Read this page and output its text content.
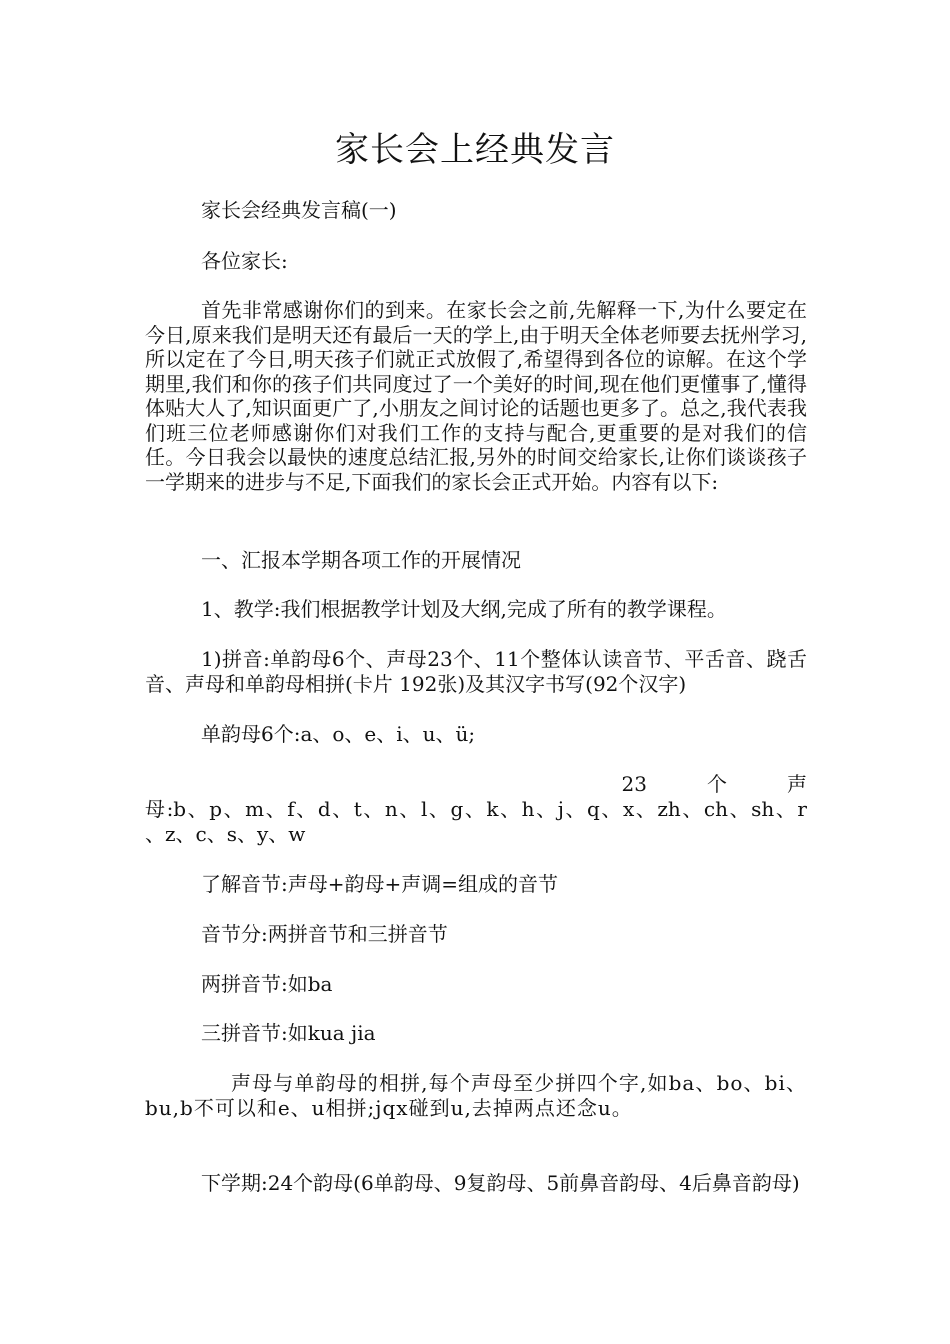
家长会上经典发言
家长会经典发言稿(一)
各位家长:
首先非常感谢你们的到来。在家长会之前,先解释一下,为什么要定在今日,原来我们是明天还有最后一天的学上,由于明天全体老师要去抚州学习,所以定在了今日,明天孩子们就正式放假了,希望得到各位的谅解。在这个学期里,我们和你的孩子们共同度过了一个美好的时间,现在他们更懂事了,懂得体贴大人了,知识面更广了,小朋友之间讨论的话题也更多了。总之,我代表我们班三位老师感谢你们对我们工作的支持与配合,更重要的是对我们的信任。今日我会以最快的速度总结汇报,另外的时间交给家长,让你们谈谈孩子一学期来的进步与不足,下面我们的家长会正式开始。内容有以下:
一、汇报本学期各项工作的开展情况
1、教学:我们根据教学计划及大纲,完成了所有的教学课程。
1)拼音:单韵母6个、声母23个、11个整体认读音节、平舌音、跷舌音、声母和单韵母相拼(卡片 192张)及其汉字书写(92个汉字)
单韵母6个:a、o、e、i、u、ü;
23　　　个　　　声
母:b、p、m、f、d、t、n、l、g、k、h、j、q、x、zh、ch、sh、r
、z、c、s、y、w
了解音节:声母+韵母+声调=组成的音节
音节分:两拼音节和三拼音节
两拼音节:如ba
三拼音节:如kua jia
声母与单韵母的相拼,每个声母至少拼四个字,如ba、bo、bi、bu,b不可以和e、u相拼;jqx碰到u,去掉两点还念u。
下学期:24个韵母(6单韵母、9复韵母、5前鼻音韵母、4后鼻音韵母)
